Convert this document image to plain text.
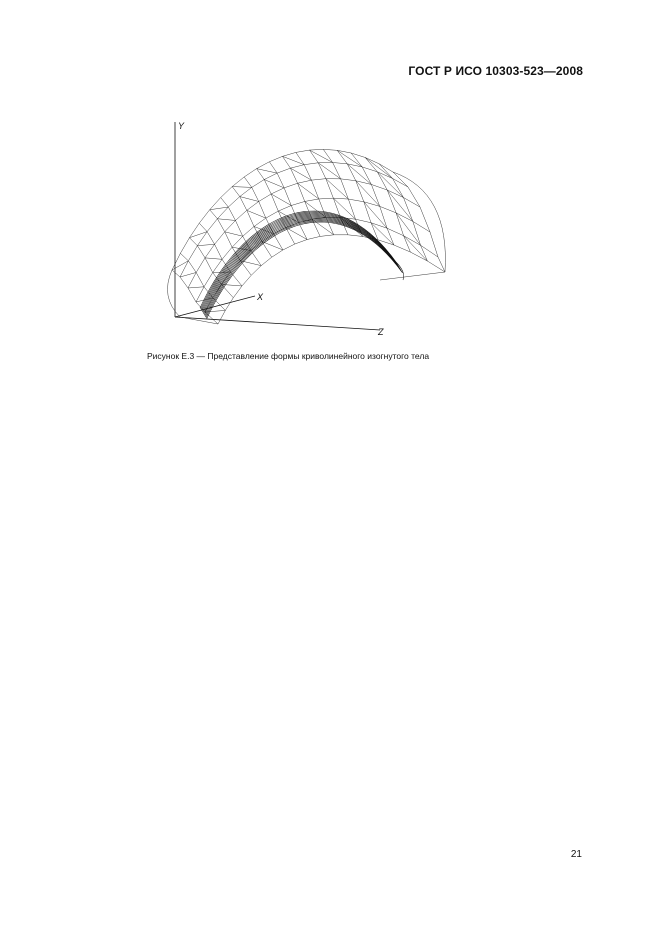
ГОСТ Р ИСО 10303-523—2008
Y
X
Z
Рисунок Е.3 — Представление формы криволинейного изогнутого тела
21
